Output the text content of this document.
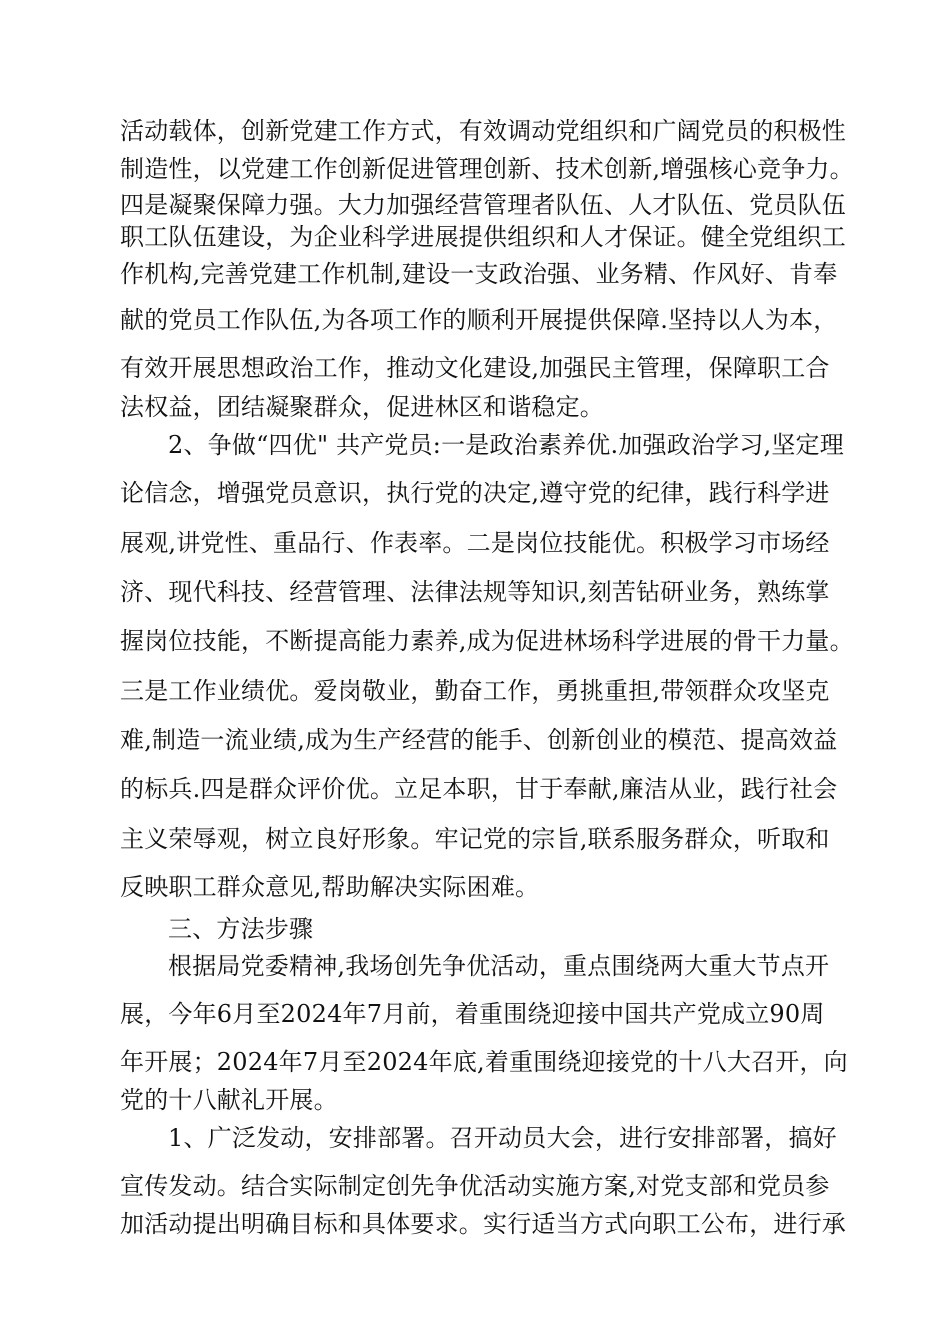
活动载体，创新党建工作方式，有效调动党组织和广阔党员的积极性
制造性，以党建工作创新促进管理创新、技术创新,增强核心竞争力。
四是凝聚保障力强。大力加强经营管理者队伍、人才队伍、党员队伍
职工队伍建设，为企业科学进展提供组织和人才保证。健全党组织工
作机构,完善党建工作机制,建设一支政治强、业务精、作风好、肯奉
献的党员工作队伍,为各项工作的顺利开展提供保障.坚持以人为本，
有效开展思想政治工作，推动文化建设,加强民主管理，保障职工合
法权益，团结凝聚群众，促进林区和谐稳定。
2、争做“四优" 共产党员:一是政治素养优.加强政治学习,坚定理
论信念，增强党员意识，执行党的决定,遵守党的纪律，践行科学进
展观,讲党性、重品行、作表率。二是岗位技能优。积极学习市场经
济、现代科技、经营管理、法律法规等知识,刻苦钻研业务，熟练掌
握岗位技能，不断提高能力素养,成为促进林场科学进展的骨干力量。
三是工作业绩优。爱岗敬业，勤奋工作，勇挑重担,带领群众攻坚克
难,制造一流业绩,成为生产经营的能手、创新创业的模范、提高效益
的标兵.四是群众评价优。立足本职，甘于奉献,廉洁从业，践行社会
主义荣辱观，树立良好形象。牢记党的宗旨,联系服务群众，听取和
反映职工群众意见,帮助解决实际困难。
三、方法步骤
根据局党委精神,我场创先争优活动，重点围绕两大重大节点开
展，今年6月至2024年7月前，着重围绕迎接中国共产党成立90周
年开展；2024年7月至2024年底,着重围绕迎接党的十八大召开，向
党的十八献礼开展。
1、广泛发动，安排部署。召开动员大会，进行安排部署，搞好
宣传发动。结合实际制定创先争优活动实施方案,对党支部和党员参
加活动提出明确目标和具体要求。实行适当方式向职工公布，进行承
